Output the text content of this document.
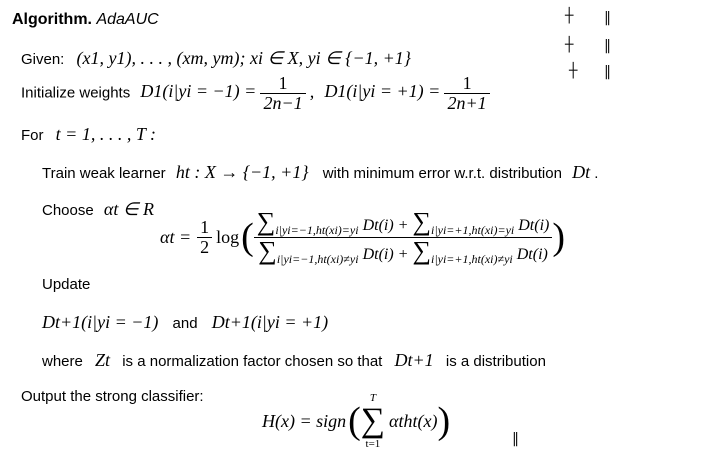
Algorithm. AdaAUC
Given: (x1, y1), . . . , (xm, ym); xi ∈ X, yi ∈ {−1, +1}
Initialize weights $D1(i|yi = -1) = \frac{1}{2n-1}$ , $D1(i|yi = +1) = \frac{1}{2n+1}$
For t = 1, . . . , T :
Train weak learner ht : X → {−1, +1} with minimum error w.r.t. distribution Dt .
Choose αt ∈ R
$\alpha t = \frac{1}{2}$ log ( $\sum_{i|yi=-1,ht(xi)=yi}$ $Dt(i) + \sum_{i|yi=+1,ht(xi)=yi}$ Dt(i)
$\sum_{i|yi=-1,ht(xi)\ne yi}$ $Dt(i) + \sum_{i|yi=+1,ht(xi)\ne yi}$ Dt(i) )
Update
Dt+1(i|yi = −1) and Dt+1(i|yi = +1)
where Zt is a normalization factor chosen so that Dt+1 is a distribution
Output the strong classifier:
H(x) = sign (
T
∑
t=1
αtht(x) )
┼ ‖
┼ ‖
┼ ‖
‖
